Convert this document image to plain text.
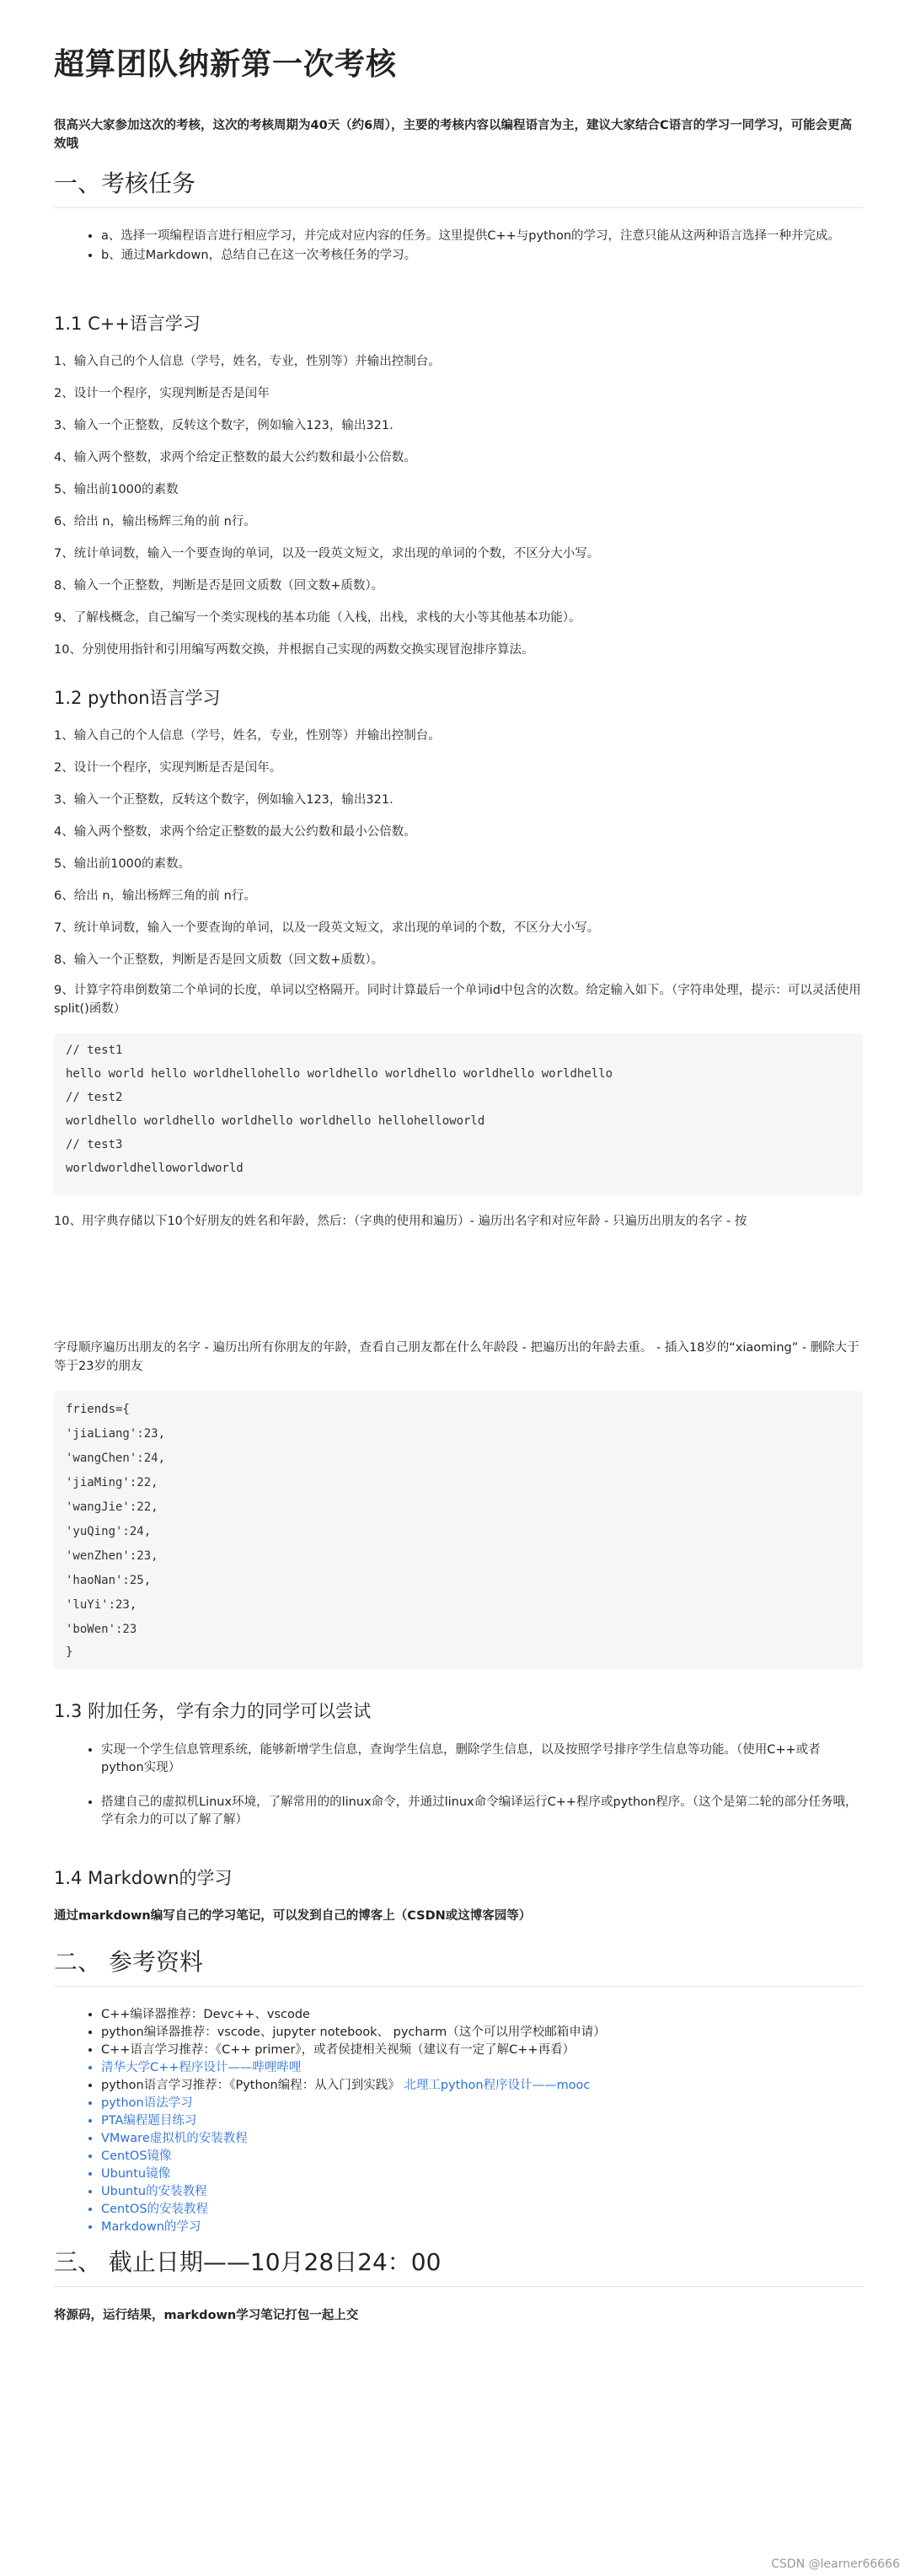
超算团队纳新第一次考核
很高兴大家参加这次的考核，这次的考核周期为40天（约6周），主要的考核内容以编程语言为主，建议大家结合C语言的学习一同学习，可能会更高效哦
一、考核任务
• a、选择一项编程语言进行相应学习，并完成对应内容的任务。这里提供C++与python的学习，注意只能从这两种语言选择一种并完成。
• b、通过Markdown，总结自己在这一次考核任务的学习。
1.1 C++语言学习
1、输入自己的个人信息（学号，姓名，专业，性别等）并输出控制台。
2、设计一个程序，实现判断是否是闰年
3、输入一个正整数，反转这个数字，例如输入123，输出321.
4、输入两个整数，求两个给定正整数的最大公约数和最小公倍数。
5、输出前1000的素数
6、给出 n，输出杨辉三角的前 n行。
7、统计单词数，输入一个要查询的单词，以及一段英文短文，求出现的单词的个数，不区分大小写。
8、输入一个正整数，判断是否是回文质数（回文数+质数）。
9、了解栈概念，自己编写一个类实现栈的基本功能（入栈，出栈，求栈的大小等其他基本功能）。
10、分别使用指针和引用编写两数交换，并根据自己实现的两数交换实现冒泡排序算法。
1.2 python语言学习
1、输入自己的个人信息（学号，姓名，专业，性别等）并输出控制台。
2、设计一个程序，实现判断是否是闰年。
3、输入一个正整数，反转这个数字，例如输入123，输出321.
4、输入两个整数，求两个给定正整数的最大公约数和最小公倍数。
5、输出前1000的素数。
6、给出 n，输出杨辉三角的前 n行。
7、统计单词数，输入一个要查询的单词，以及一段英文短文，求出现的单词的个数，不区分大小写。
8、输入一个正整数，判断是否是回文质数（回文数+质数）。
9、计算字符串倒数第二个单词的长度，单词以空格隔开。同时计算最后一个单词id中包含的次数。给定输入如下。（字符串处理，提示：可以灵活使用split()函数）
// test1
hello world hello worldhellohello worldhello worldhello worldhello worldhello
// test2
worldhello worldhello worldhello worldhello hellohelloworld
// test3
worldworldhelloworldworld
10、用字典存储以下10个好朋友的姓名和年龄，然后：（字典的使用和遍历）- 遍历出名字和对应年龄 - 只遍历出朋友的名字 - 按
字母顺序遍历出朋友的名字 - 遍历出所有你朋友的年龄，查看自己朋友都在什么年龄段 - 把遍历出的年龄去重。 - 插入18岁的“xiaoming” - 删除大于等于23岁的朋友
friends={
'jiaLiang':23,
'wangChen':24,
'jiaMing':22,
'wangJie':22,
'yuQing':24,
'wenZhen':23,
'haoNan':25,
'luYi':23,
'boWen':23
}
1.3 附加任务，学有余力的同学可以尝试
• 实现一个学生信息管理系统，能够新增学生信息，查询学生信息，删除学生信息，以及按照学号排序学生信息等功能。（使用C++或者python实现）
• 搭建自己的虚拟机Linux环境，了解常用的的linux命令，并通过linux命令编译运行C++程序或python程序。（这个是第二轮的部分任务哦，学有余力的可以了解了解）
1.4 Markdown的学习
通过markdown编写自己的学习笔记，可以发到自己的博客上（CSDN或这博客园等）
二、 参考资料
• C++编译器推荐：Devc++、vscode
• python编译器推荐：vscode、jupyter notebook、 pycharm（这个可以用学校邮箱申请）
• C++语言学习推荐：《C++ primer》，或者侯捷相关视频（建议有一定了解C++再看）
• 清华大学C++程序设计——哔哩哔哩
• python语言学习推荐：《Python编程：从入门到实践》 北理工python程序设计——mooc
• python语法学习
• PTA编程题目练习
• VMware虚拟机的安装教程
• CentOS镜像
• Ubuntu镜像
• Ubuntu的安装教程
• CentOS的安装教程
• Markdown的学习
三、 截止日期——10月28日24：00
将源码，运行结果，markdown学习笔记打包一起上交
CSDN @learner66666
